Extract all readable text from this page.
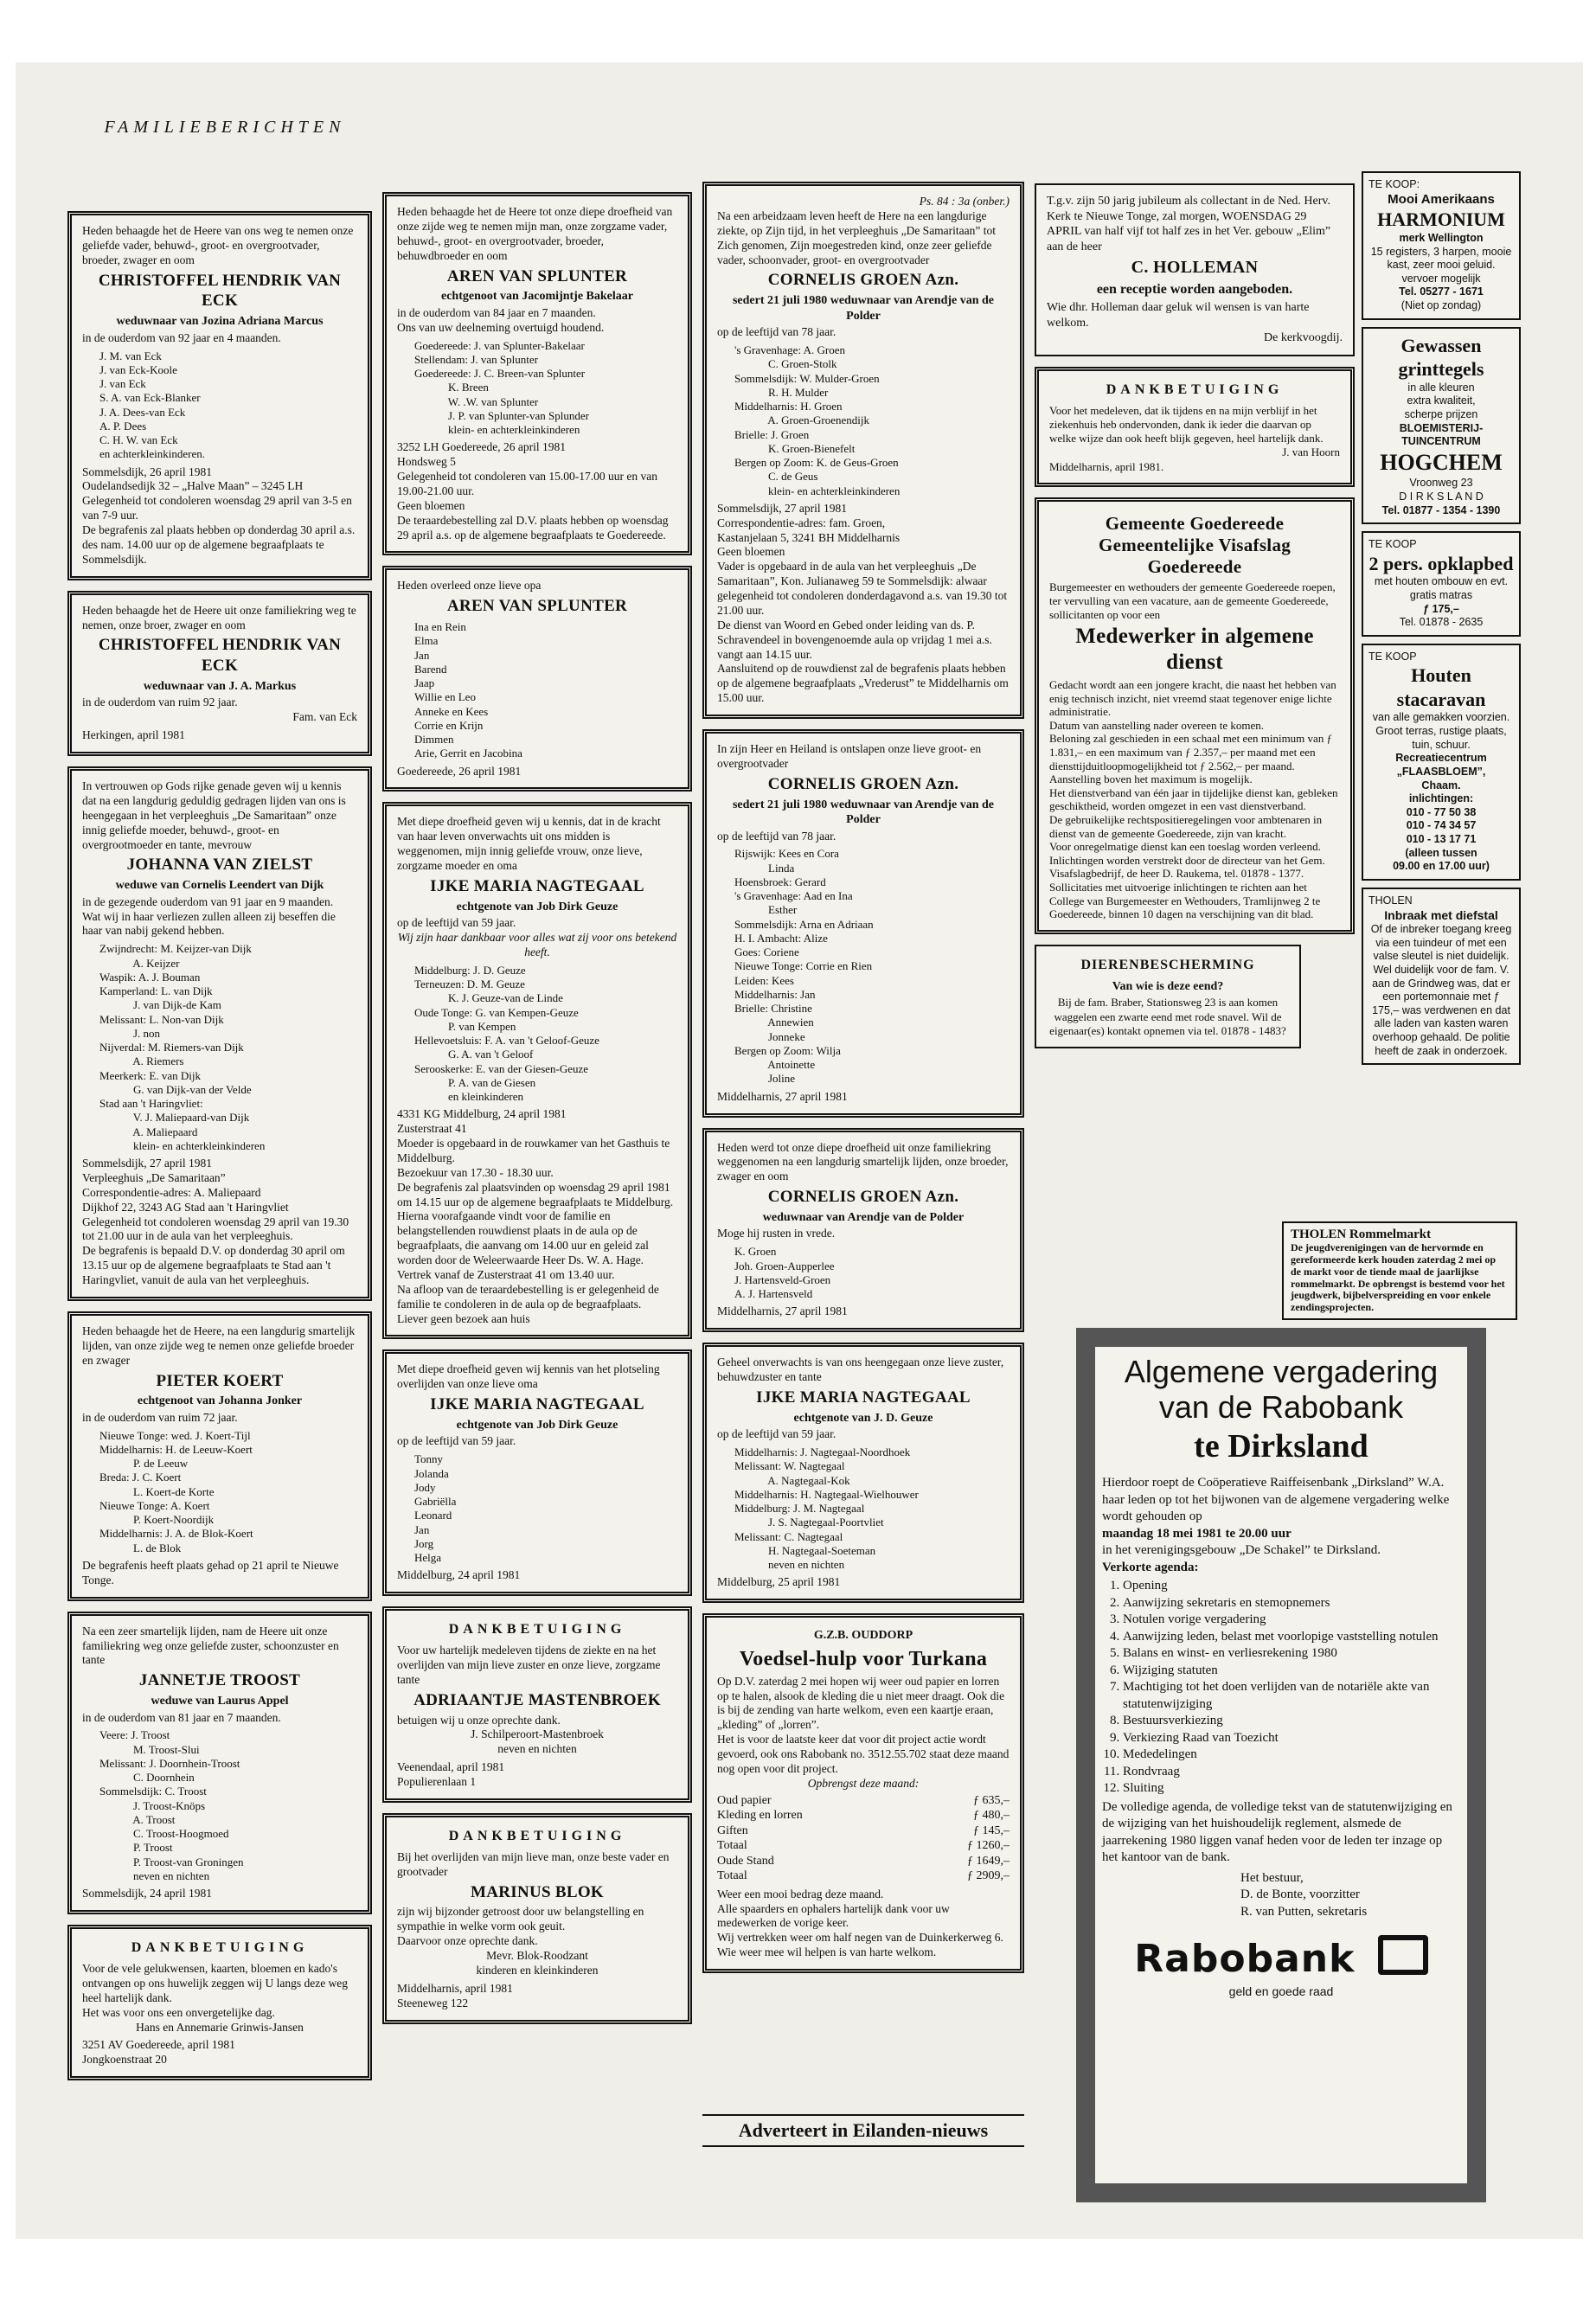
FAMILIEBERICHTEN
Heden behaagde het de Heere van ons weg te nemen onze geliefde vader, behuwd-, groot- en overgrootvader, broeder, zwager en oom
CHRISTOFFEL HENDRIK VAN ECK
weduwnaar van Jozina Adriana Marcus
in de ouderdom van 92 jaar en 4 maanden.
J. M. van Eck
J. van Eck-Koole
J. van Eck
S. A. van Eck-Blanker
J. A. Dees-van Eck
A. P. Dees
C. H. W. van Eck
en achterkleinkinderen.
Sommelsdijk, 26 april 1981
Oudelandsedijk 32 – „Halve Maan” – 3245 LH
Gelegenheid tot condoleren woensdag 29 april van 3-5 en van 7-9 uur.
De begrafenis zal plaats hebben op donderdag 30 april a.s. des nam. 14.00 uur op de algemene begraafplaats te Sommelsdijk.
Heden behaagde het de Heere uit onze familiekring weg te nemen, onze broer, zwager en oom
CHRISTOFFEL HENDRIK VAN ECK
weduwnaar van J. A. Markus
in de ouderdom van ruim 92 jaar.
Fam. van Eck
Herkingen, april 1981
In vertrouwen op Gods rijke genade geven wij u kennis dat na een langdurig geduldig gedragen lijden van ons is heengegaan in het verpleeghuis „De Samaritaan” onze innig geliefde moeder, behuwd-, groot- en overgrootmoeder en tante, mevrouw
JOHANNA VAN ZIELST
weduwe van Cornelis Leendert van Dijk
in de gezegende ouderdom van 91 jaar en 9 maanden.
Wat wij in haar verliezen zullen alleen zij beseffen die haar van nabij gekend hebben.
Zwijndrecht: M. Keijzer-van Dijk
A. Keijzer
Waspik: A. J. Bouman
Kamperland: L. van Dijk
J. van Dijk-de Kam
Melissant: L. Non-van Dijk
J. non
Nijverdal: M. Riemers-van Dijk
A. Riemers
Meerkerk: E. van Dijk
G. van Dijk-van der Velde
Stad aan 't Haringvliet:
V. J. Maliepaard-van Dijk
A. Maliepaard
klein- en achterkleinkinderen
Sommelsdijk, 27 april 1981
Verpleeghuis „De Samaritaan”
Correspondentie-adres: A. Maliepaard
Dijkhof 22, 3243 AG Stad aan 't Haringvliet
Gelegenheid tot condoleren woensdag 29 april van 19.30 tot 21.00 uur in de aula van het verpleeghuis.
De begrafenis is bepaald D.V. op donderdag 30 april om 13.15 uur op de algemene begraafplaats te Stad aan 't Haringvliet, vanuit de aula van het verpleeghuis.
Heden behaagde het de Heere, na een langdurig smartelijk lijden, van onze zijde weg te nemen onze geliefde broeder en zwager
PIETER KOERT
echtgenoot van Johanna Jonker
in de ouderdom van ruim 72 jaar.
Nieuwe Tonge: wed. J. Koert-Tijl
Middelharnis: H. de Leeuw-Koert
P. de Leeuw
Breda: J. C. Koert
L. Koert-de Korte
Nieuwe Tonge: A. Koert
P. Koert-Noordijk
Middelharnis: J. A. de Blok-Koert
L. de Blok
De begrafenis heeft plaats gehad op 21 april te Nieuwe Tonge.
Na een zeer smartelijk lijden, nam de Heere uit onze familiekring weg onze geliefde zuster, schoonzuster en tante
JANNETJE TROOST
weduwe van Laurus Appel
in de ouderdom van 81 jaar en 7 maanden.
Veere: J. Troost
M. Troost-Slui
Melissant: J. Doornhein-Troost
C. Doornhein
Sommelsdijk: C. Troost
J. Troost-Knöps
A. Troost
C. Troost-Hoogmoed
P. Troost
P. Troost-van Groningen
neven en nichten
Sommelsdijk, 24 april 1981
DANKBETUIGING
Voor de vele gelukwensen, kaarten, bloemen en kado's ontvangen op ons huwelijk zeggen wij U langs deze weg heel hartelijk dank.
Het was voor ons een onvergetelijke dag.
Hans en Annemarie Grinwis-Jansen
3251 AV Goedereede, april 1981
Jongkoenstraat 20
Heden behaagde het de Heere tot onze diepe droefheid van onze zijde weg te nemen mijn man, onze zorgzame vader, behuwd-, groot- en overgrootvader, broeder, behuwdbroeder en oom
AREN VAN SPLUNTER
echtgenoot van Jacomijntje Bakelaar
in de ouderdom van 84 jaar en 7 maanden.
Ons van uw deelneming overtuigd houdend.
Goedereede: J. van Splunter-Bakelaar
Stellendam: J. van Splunter
Goedereede: J. C. Breen-van Splunter
K. Breen
W. .W. van Splunter
J. P. van Splunter-van Splunder
klein- en achterkleinkinderen
3252 LH Goedereede, 26 april 1981
Hondsweg 5
Gelegenheid tot condoleren van 15.00-17.00 uur en van 19.00-21.00 uur.
Geen bloemen
De teraardebestelling zal D.V. plaats hebben op woensdag 29 april a.s. op de algemene begraafplaats te Goedereede.
Heden overleed onze lieve opa
AREN VAN SPLUNTER
Ina en Rein
Elma
Jan
Barend
Jaap
Willie en Leo
Anneke en Kees
Corrie en Krijn
Dimmen
Arie, Gerrit en Jacobina
Goedereede, 26 april 1981
Met diepe droefheid geven wij u kennis, dat in de kracht van haar leven onverwachts uit ons midden is weggenomen, mijn innig geliefde vrouw, onze lieve, zorgzame moeder en oma
IJKE MARIA NAGTEGAAL
echtgenote van Job Dirk Geuze
op de leeftijd van 59 jaar.
Wij zijn haar dankbaar voor alles wat zij voor ons betekend heeft.
Middelburg: J. D. Geuze
Terneuzen: D. M. Geuze
K. J. Geuze-van de Linde
Oude Tonge: G. van Kempen-Geuze
P. van Kempen
Hellevoetsluis: F. A. van 't Geloof-Geuze
G. A. van 't Geloof
Serooskerke: E. van der Giesen-Geuze
P. A. van de Giesen
en kleinkinderen
4331 KG Middelburg, 24 april 1981
Zusterstraat 41
Moeder is opgebaard in de rouwkamer van het Gasthuis te Middelburg.
Bezoekuur van 17.30 - 18.30 uur.
De begrafenis zal plaatsvinden op woensdag 29 april 1981 om 14.15 uur op de algemene begraafplaats te Middelburg.
Hierna voorafgaande vindt voor de familie en belangstellenden rouwdienst plaats in de aula op de begraafplaats, die aanvang om 14.00 uur en geleid zal worden door de Weleerwaarde Heer Ds. W. A. Hage.
Vertrek vanaf de Zusterstraat 41 om 13.40 uur.
Na afloop van de teraardebestelling is er gelegenheid de familie te condoleren in de aula op de begraafplaats.
Liever geen bezoek aan huis
Met diepe droefheid geven wij kennis van het plotseling overlijden van onze lieve oma
IJKE MARIA NAGTEGAAL
echtgenote van Job Dirk Geuze
op de leeftijd van 59 jaar.
Tonny
Jolanda
Jody
Gabriëlla
Leonard
Jan
Jorg
Helga
Middelburg, 24 april 1981
DANKBETUIGING
Voor uw hartelijk medeleven tijdens de ziekte en na het overlijden van mijn lieve zuster en onze lieve, zorgzame tante
ADRIAANTJE MASTENBROEK
betuigen wij u onze oprechte dank.
J. Schilperoort-Mastenbroek
neven en nichten
Veenendaal, april 1981
Populierenlaan 1
DANKBETUIGING
Bij het overlijden van mijn lieve man, onze beste vader en grootvader
MARINUS BLOK
zijn wij bijzonder getroost door uw belangstelling en sympathie in welke vorm ook geuit.
Daarvoor onze oprechte dank.
Mevr. Blok-Roodzant
kinderen en kleinkinderen
Middelharnis, april 1981
Steeneweg 122
Ps. 84 : 3a (onber.)
Na een arbeidzaam leven heeft de Here na een langdurige ziekte, op Zijn tijd, in het verpleeghuis „De Samaritaan” tot Zich genomen, Zijn moegestreden kind, onze zeer geliefde vader, schoonvader, groot- en overgrootvader
CORNELIS GROEN Azn.
sedert 21 juli 1980 weduwnaar van Arendje van de Polder
op de leeftijd van 78 jaar.
's Gravenhage: A. Groen
C. Groen-Stolk
Sommelsdijk: W. Mulder-Groen
R. H. Mulder
Middelharnis: H. Groen
A. Groen-Groenendijk
Brielle: J. Groen
K. Groen-Bienefelt
Bergen op Zoom: K. de Geus-Groen
C. de Geus
klein- en achterkleinkinderen
Sommelsdijk, 27 april 1981
Correspondentie-adres: fam. Groen,
Kastanjelaan 5, 3241 BH Middelharnis
Geen bloemen
Vader is opgebaard in de aula van het verpleeghuis „De Samaritaan”, Kon. Julianaweg 59 te Sommelsdijk: alwaar gelegenheid tot condoleren donderdagavond a.s. van 19.30 tot 21.00 uur.
De dienst van Woord en Gebed onder leiding van ds. P. Schravendeel in bovengenoemde aula op vrijdag 1 mei a.s. vangt aan 14.15 uur.
Aansluitend op de rouwdienst zal de begrafenis plaats hebben op de algemene begraafplaats „Vrederust” te Middelharnis om 15.00 uur.
In zijn Heer en Heiland is ontslapen onze lieve groot- en overgrootvader
CORNELIS GROEN Azn.
sedert 21 juli 1980 weduwnaar van Arendje van de Polder
op de leeftijd van 78 jaar.
Rijswijk: Kees en Cora
Linda
Hoensbroek: Gerard
's Gravenhage: Aad en Ina
Esther
Sommelsdijk: Arna en Adriaan
H. I. Ambacht: Alize
Goes: Coriene
Nieuwe Tonge: Corrie en Rien
Leiden: Kees
Middelharnis: Jan
Brielle: Christine
Annewien
Jonneke
Bergen op Zoom: Wilja
Antoinette
Joline
Middelharnis, 27 april 1981
Heden werd tot onze diepe droefheid uit onze familiekring weggenomen na een langdurig smartelijk lijden, onze broeder, zwager en oom
CORNELIS GROEN Azn.
weduwnaar van Arendje van de Polder
Moge hij rusten in vrede.
K. Groen
Joh. Groen-Aupperlee
J. Hartensveld-Groen
A. J. Hartensveld
Middelharnis, 27 april 1981
Geheel onverwachts is van ons heengegaan onze lieve zuster, behuwdzuster en tante
IJKE MARIA NAGTEGAAL
echtgenote van J. D. Geuze
op de leeftijd van 59 jaar.
Middelharnis: J. Nagtegaal-Noordhoek
Melissant: W. Nagtegaal
A. Nagtegaal-Kok
Middelharnis: H. Nagtegaal-Wielhouwer
Middelburg: J. M. Nagtegaal
J. S. Nagtegaal-Poortvliet
Melissant: C. Nagtegaal
H. Nagtegaal-Soeteman
neven en nichten
Middelburg, 25 april 1981
G.Z.B. OUDDORP
Voedsel-hulp voor Turkana
Op D.V. zaterdag 2 mei hopen wij weer oud papier en lorren op te halen, alsook de kleding die u niet meer draagt. Ook die is bij de zending van harte welkom, even een kaartje eraan, „kleding” of „lorren”.
Het is voor de laatste keer dat voor dit project actie wordt gevoerd, ook ons Rabobank no. 3512.55.702 staat deze maand nog open voor dit project.
Opbrengst deze maand:
Oud papier	ƒ 635,–
Kleding en lorren	ƒ 480,–
Giften	ƒ 145,–
Totaal	ƒ 1260,–
Oude Stand	ƒ 1649,–
Totaal	ƒ 2909,–
Weer een mooi bedrag deze maand.
Alle spaarders en ophalers hartelijk dank voor uw medewerken de vorige keer.
Wij vertrekken weer om half negen van de Duinkerkerweg 6.
Wie weer mee wil helpen is van harte welkom.
Adverteert in Eilanden-nieuws
T.g.v. zijn 50 jarig jubileum als collectant in de Ned. Herv. Kerk te Nieuwe Tonge, zal morgen, WOENSDAG 29 APRIL van half vijf tot half zes in het Ver. gebouw „Elim” aan de heer
C. HOLLEMAN
een receptie worden aangeboden.
Wie dhr. Holleman daar geluk wil wensen is van harte welkom.
De kerkvoogdij.
DANKBETUIGING
Voor het medeleven, dat ik tijdens en na mijn verblijf in het ziekenhuis heb ondervonden, dank ik ieder die daarvan op welke wijze dan ook heeft blijk gegeven, heel hartelijk dank.
J. van Hoorn
Middelharnis, april 1981.
Gemeente Goedereede
Gemeentelijke Visafslag
Goedereede
Burgemeester en wethouders der gemeente Goedereede roepen, ter vervulling van een vacature, aan de gemeente Goedereede, sollicitanten op voor een
Medewerker in algemene dienst
Gedacht wordt aan een jongere kracht, die naast het hebben van enig technisch inzicht, niet vreemd staat tegenover enige lichte administratie.
Datum van aanstelling nader overeen te komen.
Beloning zal geschieden in een schaal met een minimum van ƒ 1.831,– en een maximum van ƒ 2.357,– per maand met een diensttijduitloopmogelijkheid tot ƒ 2.562,– per maand.
Aanstelling boven het maximum is mogelijk.
Het dienstverband van één jaar in tijdelijke dienst kan, gebleken geschiktheid, worden omgezet in een vast dienstverband.
De gebruikelijke rechtspositieregelingen voor ambtenaren in dienst van de gemeente Goedereede, zijn van kracht.
Voor onregelmatige dienst kan een toeslag worden verleend.
Inlichtingen worden verstrekt door de directeur van het Gem. Visafslagbedrijf, de heer D. Raukema, tel. 01878 - 1377.
Sollicitaties met uitvoerige inlichtingen te richten aan het College van Burgemeester en Wethouders, Tramlijnweg 2 te Goedereede, binnen 10 dagen na verschijning van dit blad.
DIERENBESCHERMING
Van wie is deze eend?
Bij de fam. Braber, Stationsweg 23 is aan komen waggelen een zwarte eend met rode snavel. Wil de eigenaar(es) kontakt opnemen via tel. 01878 - 1483?
TE KOOP:
Mooi Amerikaans
HARMONIUM
merk Wellington
15 registers, 3 harpen, mooie kast, zeer mooi geluid. vervoer mogelijk
Tel. 05277 - 1671
(Niet op zondag)
Gewassen grinttegels
in alle kleuren
extra kwaliteit,
scherpe prijzen
BLOEMISTERIJ-
TUINCENTRUM
HOGCHEM
Vroonweg 23
D I R K S L A N D
Tel. 01877 - 1354 - 1390
TE KOOP
2 pers. opklapbed
met houten ombouw en evt. gratis matras
ƒ 175,–
Tel. 01878 - 2635
TE KOOP
Houten stacaravan
van alle gemakken voorzien. Groot terras, rustige plaats, tuin, schuur.
Recreatiecentrum
„FLAASBLOEM”,
Chaam.
inlichtingen:
010 - 77 50 38
010 - 74 34 57
010 - 13 17 71
(alleen tussen
09.00 en 17.00 uur)
THOLEN
Inbraak met diefstal
Of de inbreker toegang kreeg via een tuindeur of met een valse sleutel is niet duidelijk. Wel duidelijk voor de fam. V. aan de Grindweg was, dat er een portemonnaie met ƒ 175,– was verdwenen en dat alle laden van kasten waren overhoop gehaald. De politie heeft de zaak in onderzoek.
THOLEN Rommelmarkt
De jeugdverenigingen van de hervormde en gereformeerde kerk houden zaterdag 2 mei op de markt voor de tiende maal de jaarlijkse rommelmarkt. De opbrengst is bestemd voor het jeugdwerk, bijbelverspreiding en voor enkele zendingsprojecten.
Algemene vergadering
van de Rabobank
te Dirksland
Hierdoor roept de Coöperatieve Raiffeisenbank „Dirksland” W.A. haar leden op tot het bijwonen van de algemene vergadering welke wordt gehouden op
maandag 18 mei 1981 te 20.00 uur
in het verenigingsgebouw „De Schakel” te Dirksland.
Verkorte agenda:
1. Opening
2. Aanwijzing sekretaris en stemopnemers
3. Notulen vorige vergadering
4. Aanwijzing leden, belast met voorlopige vaststelling notulen
5. Balans en winst- en verliesrekening 1980
6. Wijziging statuten
7. Machtiging tot het doen verlijden van de notariële akte van statutenwijziging
8. Bestuursverkiezing
9. Verkiezing Raad van Toezicht
10. Mededelingen
11. Rondvraag
12. Sluiting
De volledige agenda, de volledige tekst van de statutenwijziging en de wijziging van het huishoudelijk reglement, alsmede de jaarrekening 1980 liggen vanaf heden voor de leden ter inzage op het kantoor van de bank.
Het bestuur,
D. de Bonte, voorzitter
R. van Putten, sekretaris
Rabobank
geld en goede raad
